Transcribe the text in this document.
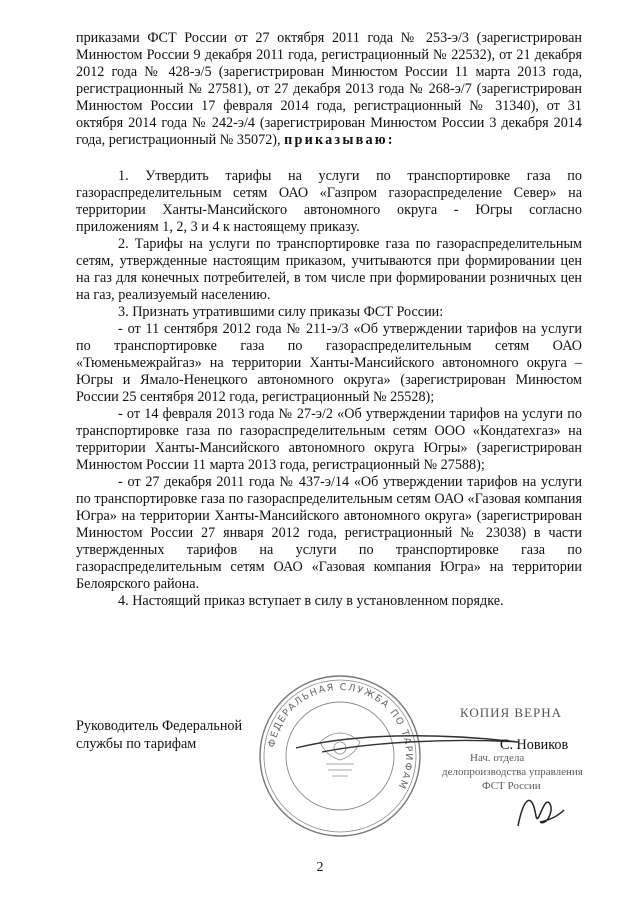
приказами ФСТ России от 27 октября 2011 года № 253-э/3 (зарегистрирован Минюстом России 9 декабря 2011 года, регистрационный № 22532), от 21 декабря 2012 года № 428-э/5 (зарегистрирован Минюстом России 11 марта 2013 года, регистрационный № 27581), от 27 декабря 2013 года № 268-э/7 (зарегистрирован Минюстом России 17 февраля 2014 года, регистрационный № 31340), от 31 октября 2014 года № 242-э/4 (зарегистрирован Минюстом России 3 декабря 2014 года, регистрационный № 35072), приказываю:

1. Утвердить тарифы на услуги по транспортировке газа по газораспределительным сетям ОАО «Газпром газораспределение Север» на территории Ханты-Мансийского автономного округа - Югры согласно приложениям 1, 2, 3 и 4 к настоящему приказу.

2. Тарифы на услуги по транспортировке газа по газораспределительным сетям, утвержденные настоящим приказом, учитываются при формировании цен на газ для конечных потребителей, в том числе при формировании розничных цен на газ, реализуемый населению.

3. Признать утратившими силу приказы ФСТ России:

- от 11 сентября 2012 года № 211-э/3 «Об утверждении тарифов на услуги по транспортировке газа по газораспределительным сетям ОАО «Тюменьмежрайгаз» на территории Ханты-Мансийского автономного округа – Югры и Ямало-Ненецкого автономного округа» (зарегистрирован Минюстом России 25 сентября 2012 года, регистрационный № 25528);

- от 14 февраля 2013 года № 27-э/2 «Об утверждении тарифов на услуги по транспортировке газа по газораспределительным сетям ООО «Кондатехгаз» на территории Ханты-Мансийского автономного округа Югры» (зарегистрирован Минюстом России 11 марта 2013 года, регистрационный № 27588);

- от 27 декабря 2011 года № 437-э/14 «Об утверждении тарифов на услуги по транспортировке газа по газораспределительным сетям ОАО «Газовая компания Югра» на территории Ханты-Мансийского автономного округа» (зарегистрирован Минюстом России 27 января 2012 года, регистрационный № 23038) в части утвержденных тарифов на услуги по транспортировке газа по газораспределительным сетям ОАО «Газовая компания Югра» на территории Белоярского района.

4. Настоящий приказ вступает в силу в установленном порядке.

ФЕДЕРАЛЬНАЯ СЛУЖБА ПО ТАРИФАМ
Руководитель Федеральной
службы по тарифам
КОПИЯ ВЕРНА
Нач. отдела
делопроизводства управления
ФСТ России
С. Новиков
2
